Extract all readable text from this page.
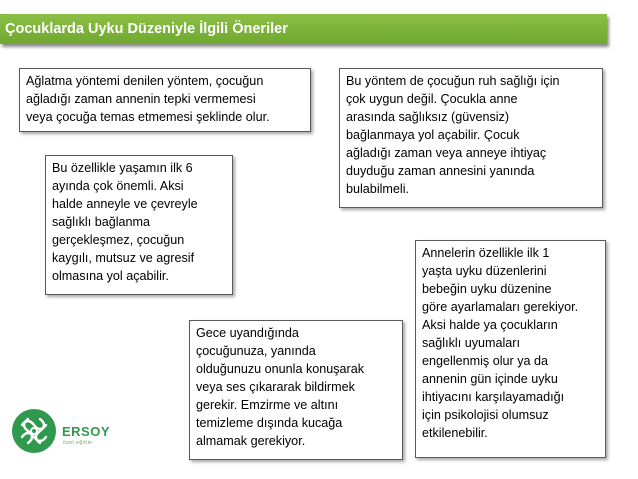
Çocuklarda Uyku Düzeniyle İlgili Öneriler
Ağlatma yöntemi denilen yöntem, çocuğun
ağladığı zaman annenin tepki vermemesi
veya çocuğa temas etmemesi şeklinde olur.
Bu yöntem de çocuğun ruh sağlığı için
çok uygun değil. Çocukla anne
arasında sağlıksız (güvensiz)
bağlanmaya yol açabilir. Çocuk
ağladığı zaman veya anneye ihtiyaç
duyduğu zaman annesini yanında
bulabilmeli.
Bu özellikle yaşamın ilk 6
ayında çok önemli. Aksi
halde anneyle ve çevreyle
sağlıklı bağlanma
gerçekleşmez, çocuğun
kaygılı, mutsuz ve agresif
olmasına yol açabilir.
Annelerin özellikle ilk 1
yaşta uyku düzenlerini
bebeğin uyku düzenine
göre ayarlamaları gerekiyor.
Aksi halde ya çocukların
sağlıklı uyumaları
engellenmiş olur ya da
annenin gün içinde uyku
ihtiyacını karşılayamadığı
için psikolojisi olumsuz
etkilenebilir.
Gece uyandığında
çocuğunuza, yanında
olduğunuzu onunla konuşarak
veya ses çıkararak bildirmek
gerekir. Emzirme ve altını
temizleme dışında kucağa
almamak gerekiyor.
ERSOY
özel eğitim
